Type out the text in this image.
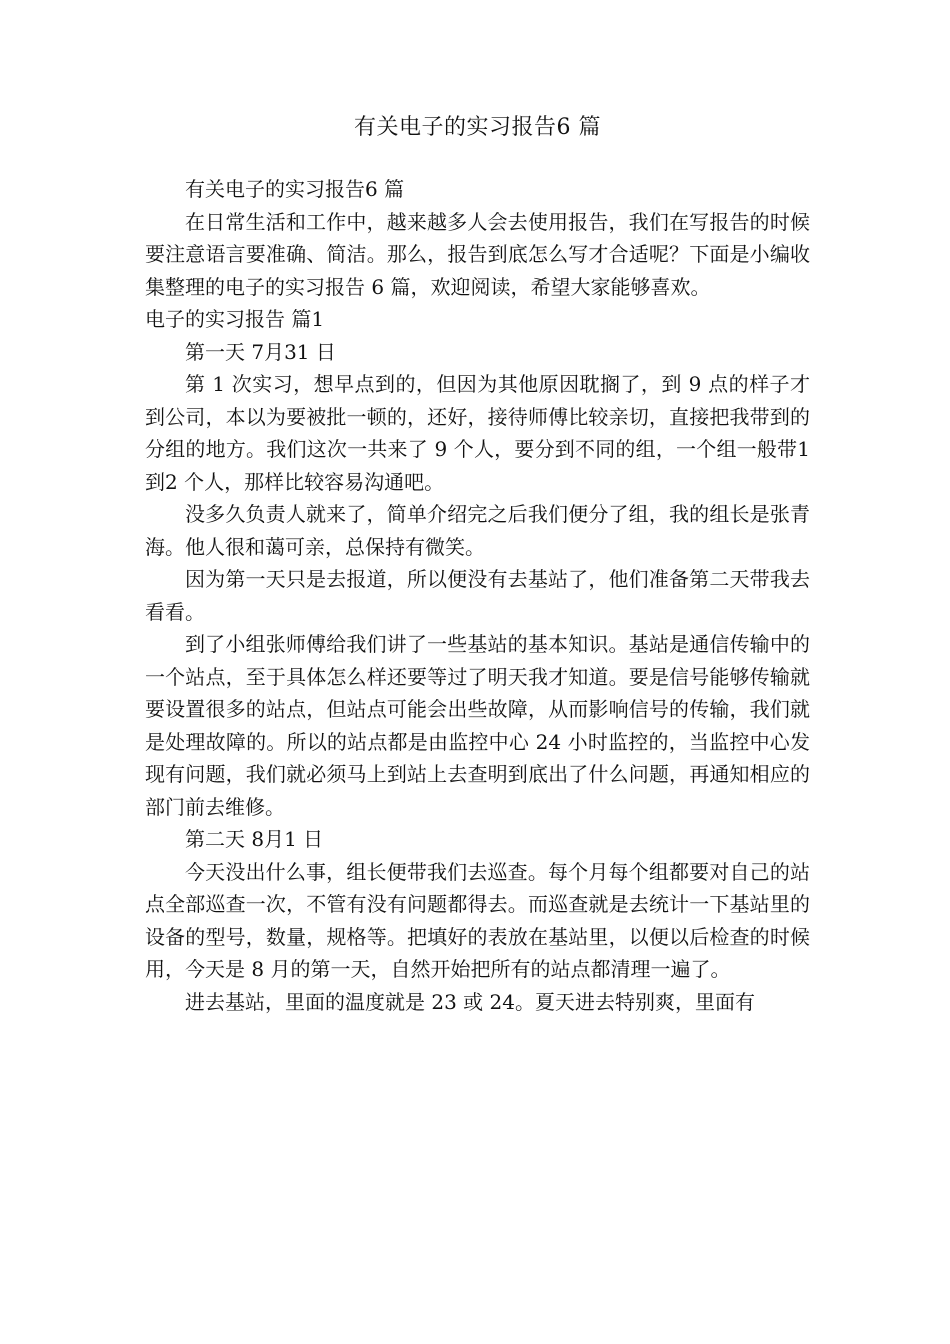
有关电子的实习报告6 篇

有关电子的实习报告6 篇

在日常生活和工作中，越来越多人会去使用报告，我们在写报告的时候要注意语言要准确、简洁。那么，报告到底怎么写才合适呢？下面是小编收集整理的电子的实习报告 6 篇，欢迎阅读，希望大家能够喜欢。

电子的实习报告 篇1

第一天 7月31 日

第 1 次实习，想早点到的，但因为其他原因耽搁了，到 9 点的样子才到公司，本以为要被批一顿的，还好，接待师傅比较亲切，直接把我带到的分组的地方。我们这次一共来了 9 个人，要分到不同的组，一个组一般带1 到2 个人，那样比较容易沟通吧。

没多久负责人就来了，简单介绍完之后我们便分了组，我的组长是张青海。他人很和蔼可亲，总保持有微笑。

因为第一天只是去报道，所以便没有去基站了，他们准备第二天带我去看看。

到了小组张师傅给我们讲了一些基站的基本知识。基站是通信传输中的一个站点，至于具体怎么样还要等过了明天我才知道。要是信号能够传输就要设置很多的站点，但站点可能会出些故障，从而影响信号的传输，我们就是处理故障的。所以的站点都是由监控中心 24 小时监控的，当监控中心发现有问题，我们就必须马上到站上去查明到底出了什么问题，再通知相应的部门前去维修。

第二天 8月1 日

今天没出什么事，组长便带我们去巡查。每个月每个组都要对自己的站点全部巡查一次，不管有没有问题都得去。而巡查就是去统计一下基站里的设备的型号，数量，规格等。把填好的表放在基站里，以便以后检查的时候用，今天是 8 月的第一天，自然开始把所有的站点都清理一遍了。

进去基站，里面的温度就是 23 或 24。夏天进去特别爽，里面有
